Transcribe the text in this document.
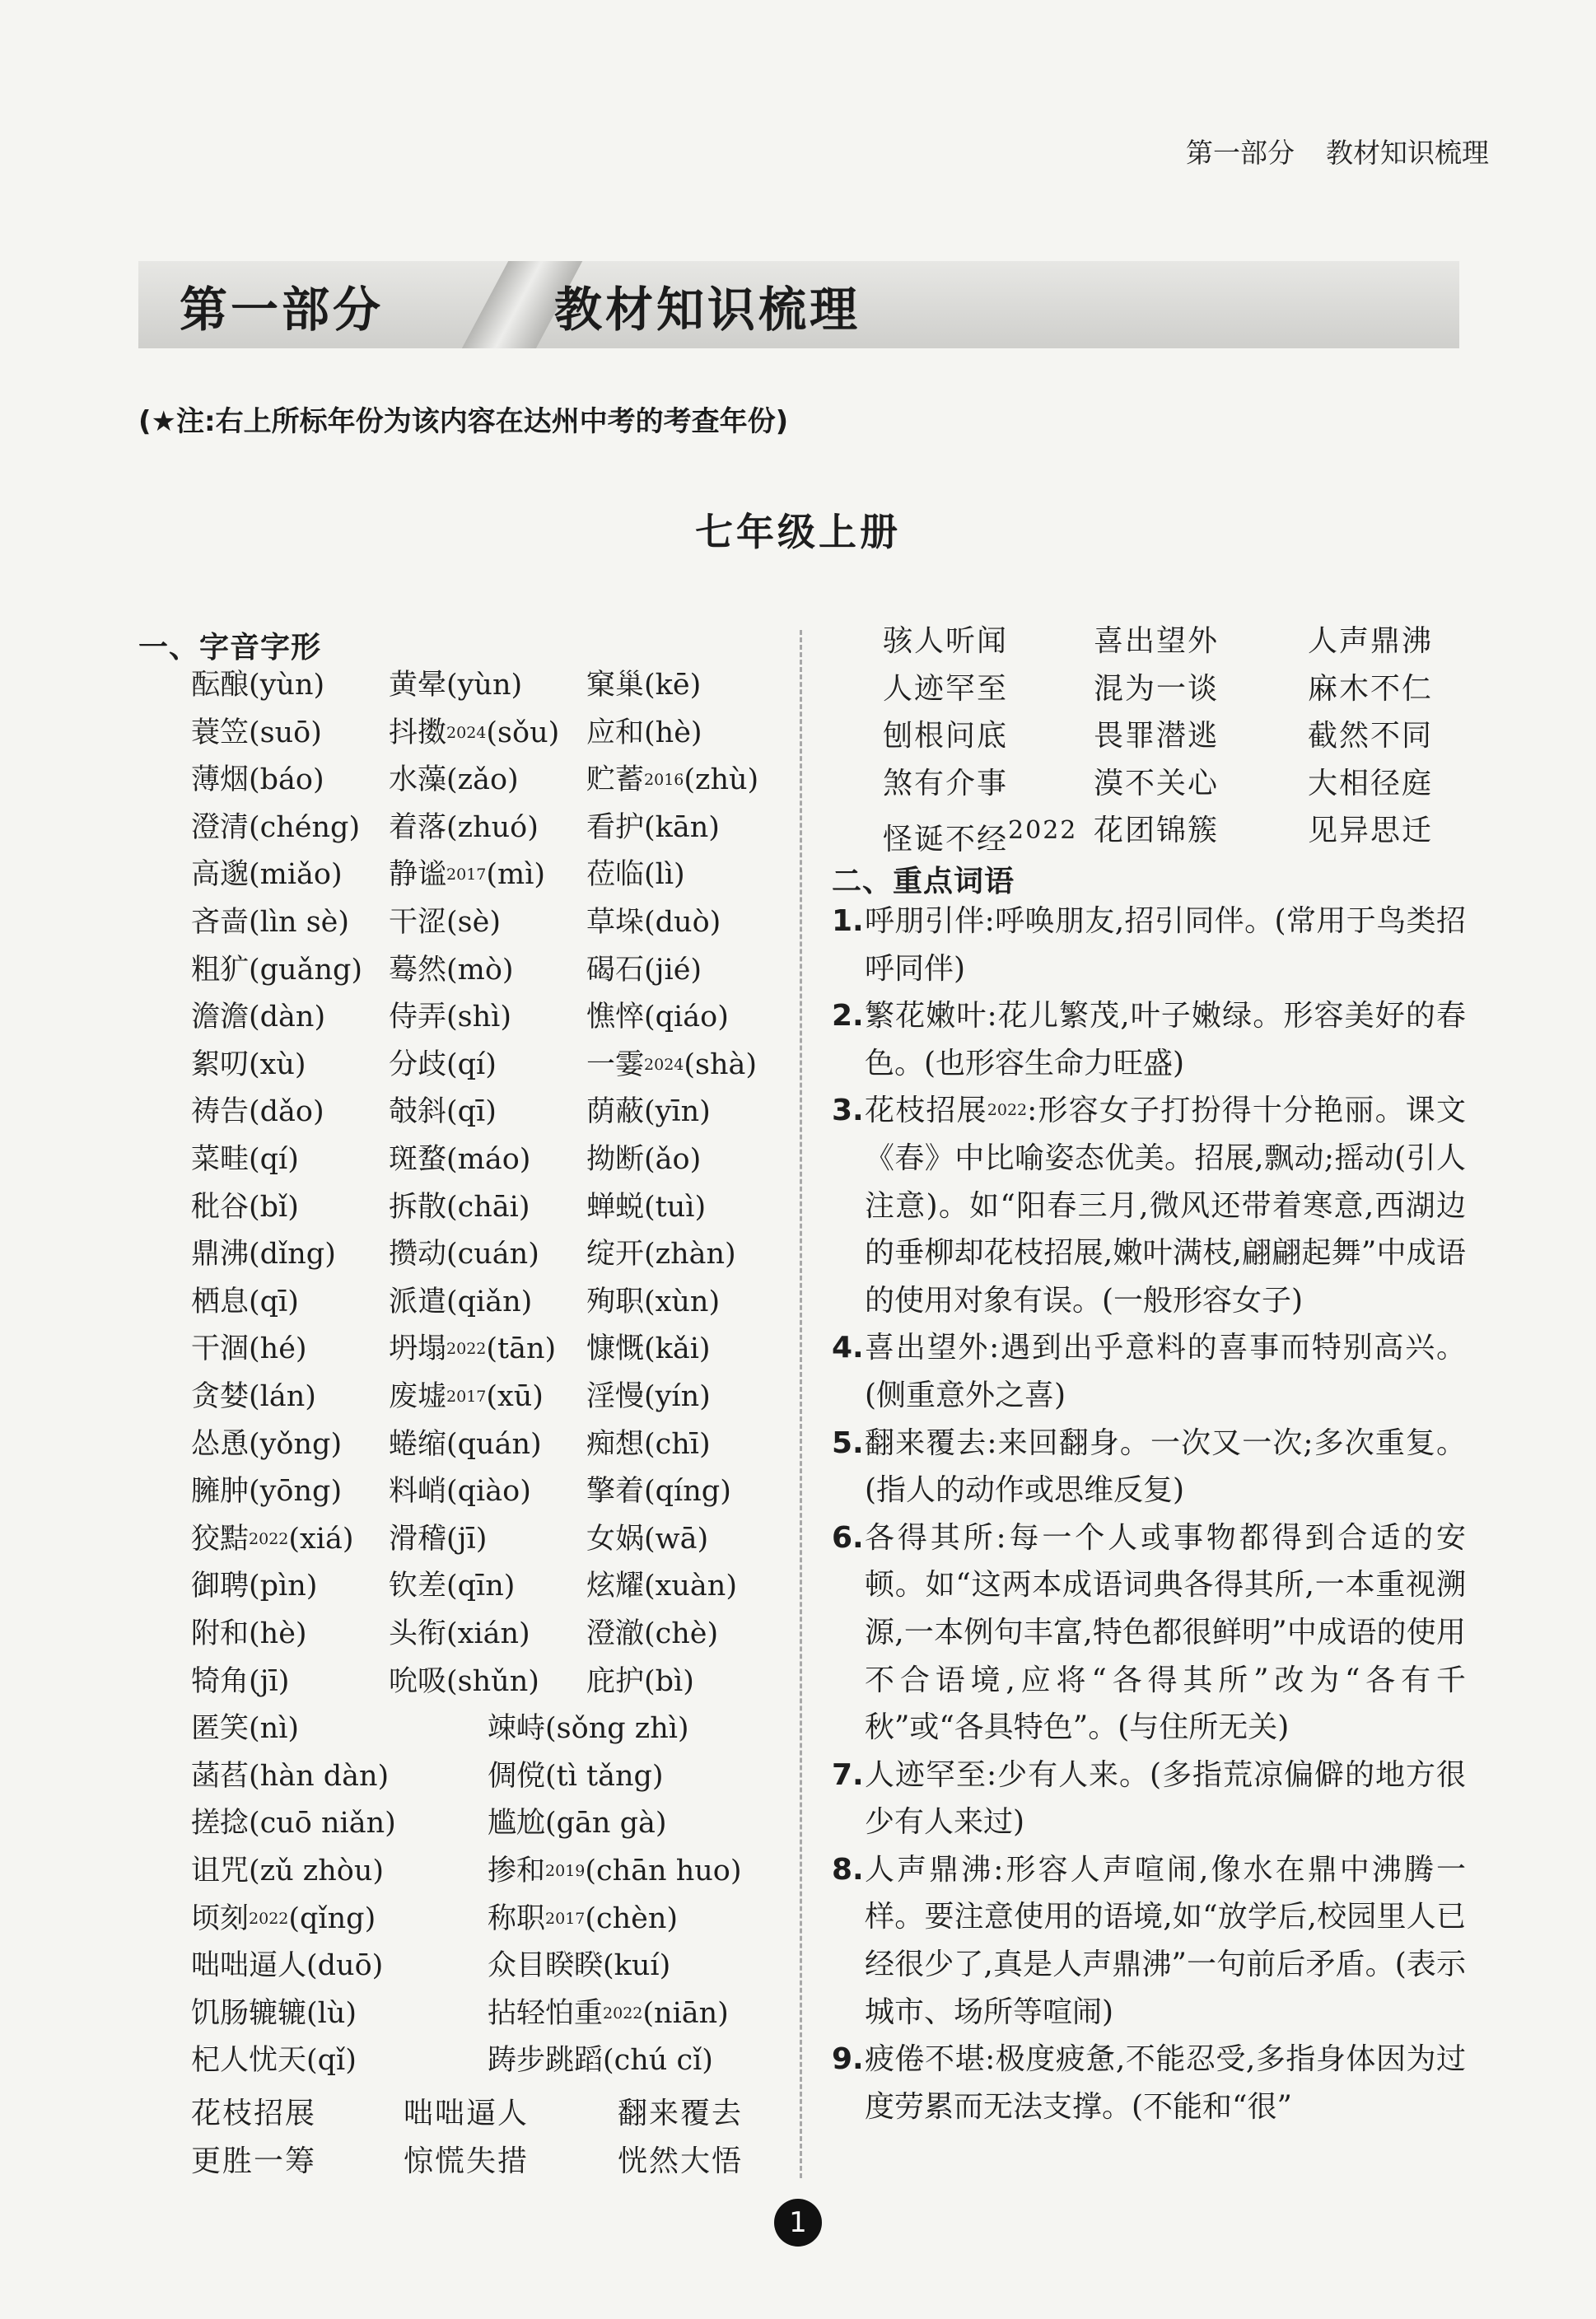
第一部分 教材知识梳理
第一部分	教材知识梳理
(★注:右上所标年份为该内容在达州中考的考查年份)
七年级上册
一、字音字形
酝酿(yùn) 黄晕(yùn) 窠巢(kē)
蓑笠(suō) 抖擞$^{2024}$(sǒu) 应和(hè)
薄烟(báo) 水藻(zǎo) 贮蓄$^{2016}$(zhù)
澄清(chéng) 着落(zhuó) 看护(kān)
高邈(miǎo) 静谧$^{2017}$(mì) 莅临(lì)
吝啬(lìn sè) 干涩(sè)	草垛(duò)
粗犷(guǎng) 蓦然(mò)	碣石(jié)
澹澹(dàn) 侍弄(shì)	憔悴(qiáo)
絮叨(xù)	分歧(qí)	一霎$^{2024}$(shà)
祷告(dǎo) 攲斜(qī)	荫蔽(yīn)
菜畦(qí)	斑蝥(máo) 拗断(ǎo)
秕谷(bǐ)	拆散(chāi) 蝉蜕(tuì)
鼎沸(dǐng) 攒动(cuán) 绽开(zhàn)
栖息(qī)	派遣(qiǎn) 殉职(xùn)
干涸(hé)	坍塌$^{2022}$(tān) 慷慨(kǎi)
贪婪(lán)	废墟$^{2017}$(xū) 淫慢(yín)
怂恿(yǒng) 蜷缩(quán) 痴想(chī)
臃肿(yōng) 料峭(qiào) 擎着(qíng)
狡黠$^{2022}$(xiá) 滑稽(jī)	女娲(wā)
御聘(pìn) 钦差(qīn) 炫耀(xuàn)
附和(hè)	头衔(xián) 澄澈(chè)
犄角(jī)	吮吸(shǔn) 庇护(bì)
匿笑(nì)	竦峙(sǒng zhì)
菡萏(hàn dàn)	倜傥(tì tǎng)
搓捻(cuō niǎn)	尴尬(gān gà)
诅咒(zǔ zhòu)	掺和$^{2019}$(chān huo)
顷刻$^{2022}$(qǐng)	称职$^{2017}$(chèn)
咄咄逼人(duō)	众目睽睽(kuí)
饥肠辘辘(lù)	拈轻怕重$^{2022}$(niān)
杞人忧天(qǐ)	踌步跳蹈(chú cǐ)
花枝招展	咄咄逼人	翻来覆去
更胜一筹	惊慌失措	恍然大悟
骇人听闻	喜出望外	人声鼎沸
人迹罕至	混为一谈	麻木不仁
刨根问底	畏罪潜逃	截然不同
煞有介事	漠不关心	大相径庭
怪诞不经$^{2022}$ 花团锦簇	见异思迁
二、重点词语
1. 呼朋引伴:呼唤朋友,招引同伴。(常用于鸟类招呼同伴)
2. 繁花嫩叶:花儿繁茂,叶子嫩绿。形容美好的春色。(也形容生命力旺盛)
3. 花枝招展$^{2022}$:形容女子打扮得十分艳丽。课文《春》中比喻姿态优美。招展,飘动;摇动(引人注意)。如“阳春三月,微风还带着寒意,西湖边的垂柳却花枝招展,嫩叶满枝,翩翩起舞”中成语的使用对象有误。(一般形容女子)
4. 喜出望外:遇到出乎意料的喜事而特别高兴。(侧重意外之喜)
5. 翻来覆去:来回翻身。一次又一次;多次重复。(指人的动作或思维反复)
6. 各得其所:每一个人或事物都得到合适的安顿。如“这两本成语词典各得其所,一本重视溯源,一本例句丰富,特色都很鲜明”中成语的使用不合语境,应将“各得其所”改为“各有千秋”或“各具特色”。(与住所无关)
7. 人迹罕至:少有人来。(多指荒凉偏僻的地方很少有人来过)
8. 人声鼎沸:形容人声喧闹,像水在鼎中沸腾一样。要注意使用的语境,如“放学后,校园里人已经很少了,真是人声鼎沸”一句前后矛盾。(表示城市、场所等喧闹)
9. 疲倦不堪:极度疲惫,不能忍受,多指身体因为过度劳累而无法支撑。(不能和“很”
1
